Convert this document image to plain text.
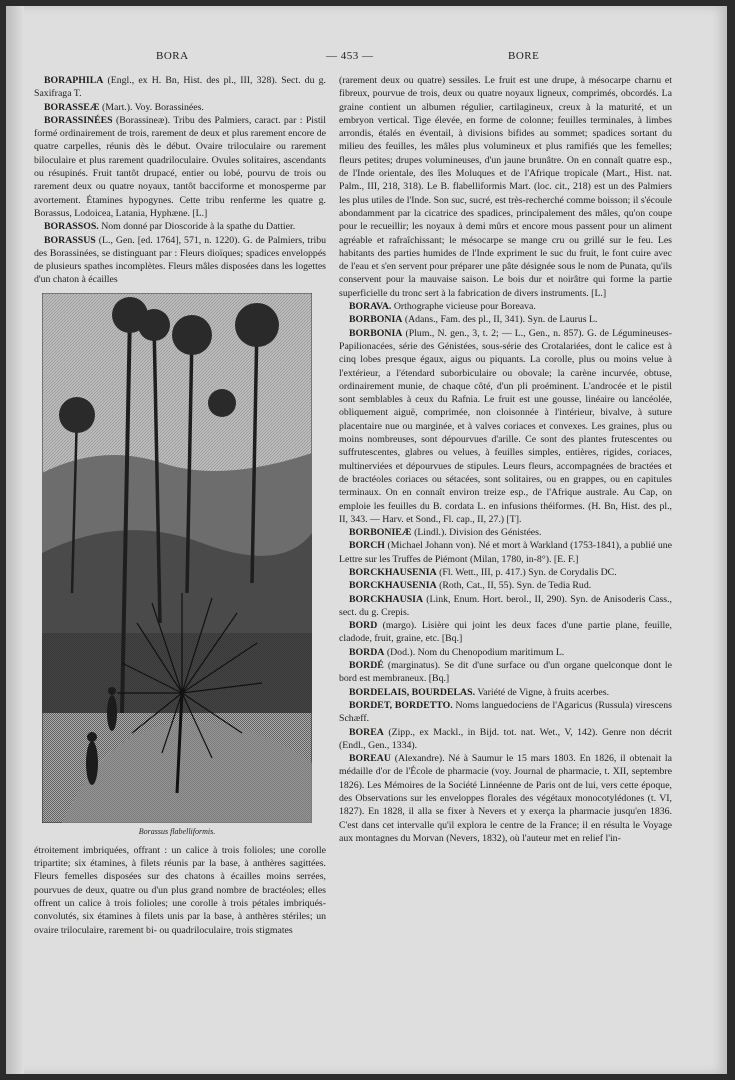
BORA	— 453 —	BORE

BORAPHILA (Engl., ex H. Bn, Hist. des pl., III, 328). Sect. du g. Saxifraga T.

BORASSEÆ (Mart.). Voy. Borassinées.

BORASSINÉES (Borassineæ). Tribu des Palmiers, caract. par : Pistil formé ordinairement de trois, rarement de deux et plus rarement encore de quatre carpelles, réunis dès le début. Ovaire triloculaire ou rarement biloculaire et plus rarement quadriloculaire. Ovules solitaires, ascendants ou résupinés. Fruit tantôt drupacé, entier ou lobé, pourvu de trois ou rarement deux ou quatre noyaux, tantôt bacciforme et monosperme par avortement. Étamines hypogynes. Cette tribu renferme les quatre g. Borassus, Lodoicea, Latania, Hyphæne. [L.]

BORASSOS. Nom donné par Dioscoride à la spathe du Dattier.

BORASSUS (L., Gen. [ed. 1764], 571, n. 1220). G. de Palmiers, tribu des Borassinées, se distinguant par : Fleurs dioïques; spadices enveloppés de plusieurs spathes incomplètes. Fleurs mâles disposées dans les logettes d'un chaton à écailles

Borassus flabelliformis.

étroitement imbriquées, offrant : un calice à trois folioles; une corolle tripartite; six étamines, à filets réunis par la base, à anthères sagittées. Fleurs femelles disposées sur des chatons à écailles moins serrées, pourvues de deux, quatre ou d'un plus grand nombre de bractéoles; elles offrent un calice à trois folioles; une corolle à trois pétales imbriqués-convolutés, six étamines à filets unis par la base, à anthères stériles; un ovaire triloculaire, rarement bi- ou quadriloculaire, trois stigmates

(rarement deux ou quatre) sessiles. Le fruit est une drupe, à mésocarpe charnu et fibreux, pourvue de trois, deux ou quatre noyaux ligneux, comprimés, obcordés. La graine contient un albumen régulier, cartilagineux, creux à la maturité, et un embryon vertical. Tige élevée, en forme de colonne; feuilles terminales, à limbes arrondis, étalés en éventail, à divisions bifides au sommet; spadices sortant du milieu des feuilles, les mâles plus volumineux et plus ramifiés que les femelles; fleurs petites; drupes volumineuses, d'un jaune brunâtre. On en connaît quatre esp., de l'Inde orientale, des îles Moluques et de l'Afrique tropicale (Mart., Hist. nat. Palm., III, 218, 318). Le B. flabelliformis Mart. (loc. cit., 218) est un des Palmiers les plus utiles de l'Inde. Son suc, sucré, est très-recherché comme boisson; il s'écoule abondamment par la cicatrice des spadices, principalement des mâles, qu'on coupe pour le recueillir; les noyaux à demi mûrs et encore mous passent pour un aliment agréable et rafraîchissant; le mésocarpe se mange cru ou grillé sur le feu. Les habitants des parties humides de l'Inde expriment le suc du fruit, le font cuire avec de l'eau et s'en servent pour préparer une pâte désignée sous le nom de Punata, qu'ils conservent pour la mauvaise saison. Le bois dur et noirâtre qui forme la partie superficielle du tronc sert à la fabrication de divers instruments. [L.]

BORAVA. Orthographe vicieuse pour Boreava.

BORBONIA (Adans., Fam. des pl., II, 341). Syn. de Laurus L.

BORBONIA (Plum., N. gen., 3, t. 2; — L., Gen., n. 857). G. de Légumineuses-Papilionacées, série des Génistées, sous-série des Crotalariées, dont le calice est à cinq lobes presque égaux, aigus ou piquants. La corolle, plus ou moins velue à l'extérieur, a l'étendard suborbiculaire ou obovale; la carène incurvée, obtuse, ordinairement munie, de chaque côté, d'un pli proéminent. L'androcée et le pistil sont semblables à ceux du Rafnia. Le fruit est une gousse, linéaire ou lancéolée, obliquement aiguë, comprimée, non cloisonnée à l'intérieur, bivalve, à suture placentaire nue ou marginée, et à valves coriaces et convexes. Les graines, plus ou moins nombreuses, sont dépourvues d'arille. Ce sont des plantes frutescentes ou suffrutescentes, glabres ou velues, à feuilles simples, entières, rigides, coriaces, multinerviées et dépourvues de stipules. Leurs fleurs, accompagnées de bractées et de bractéoles coriaces ou sétacées, sont solitaires, ou en grappes, ou en capitules terminaux. On en connaît environ treize esp., de l'Afrique australe. Au Cap, on emploie les feuilles du B. cordata L. en infusions théiformes. (H. Bn, Hist. des pl., II, 343. — Harv. et Sond., Fl. cap., II, 27.) [T].

BORBONIEÆ (Lindl.). Division des Génistées.

BORCH (Michael Johann von). Né et mort à Warkland (1753-1841), a publié une Lettre sur les Truffes de Piémont (Milan, 1780, in-8°). [E. F.]

BORCKHAUSENIA (Fl. Wett., III, p. 417.) Syn. de Corydalis DC.

BORCKHAUSENIA (Roth, Cat., II, 55). Syn. de Tedia Rud.

BORCKHAUSIA (Link, Enum. Hort. berol., II, 290). Syn. de Anisoderis Cass., sect. du g. Crepis.

BORD (margo). Lisière qui joint les deux faces d'une partie plane, feuille, cladode, fruit, graine, etc. [Bq.]

BORDA (Dod.). Nom du Chenopodium maritimum L.

BORDÉ (marginatus). Se dit d'une surface ou d'un organe quelconque dont le bord est membraneux. [Bq.]

BORDELAIS, BOURDELAS. Variété de Vigne, à fruits acerbes.

BORDET, BORDETTO. Noms languedociens de l'Agaricus (Russula) virescens Schæff.

BOREA (Zipp., ex Mackl., in Bijd. tot. nat. Wet., V, 142). Genre non décrit (Endl., Gen., 1334).

BOREAU (Alexandre). Né à Saumur le 15 mars 1803. En 1826, il obtenait la médaille d'or de l'École de pharmacie (voy. Journal de pharmacie, t. XII, septembre 1826). Les Mémoires de la Société Linnéenne de Paris ont de lui, vers cette époque, des Observations sur les enveloppes florales des végétaux monocotylédones (t. VI, 1827). En 1828, il alla se fixer à Nevers et y exerça la pharmacie jusqu'en 1836. C'est dans cet intervalle qu'il explora le centre de la France; il en résulta le Voyage aux montagnes du Morvan (Nevers, 1832), où l'auteur met en relief l'in-
